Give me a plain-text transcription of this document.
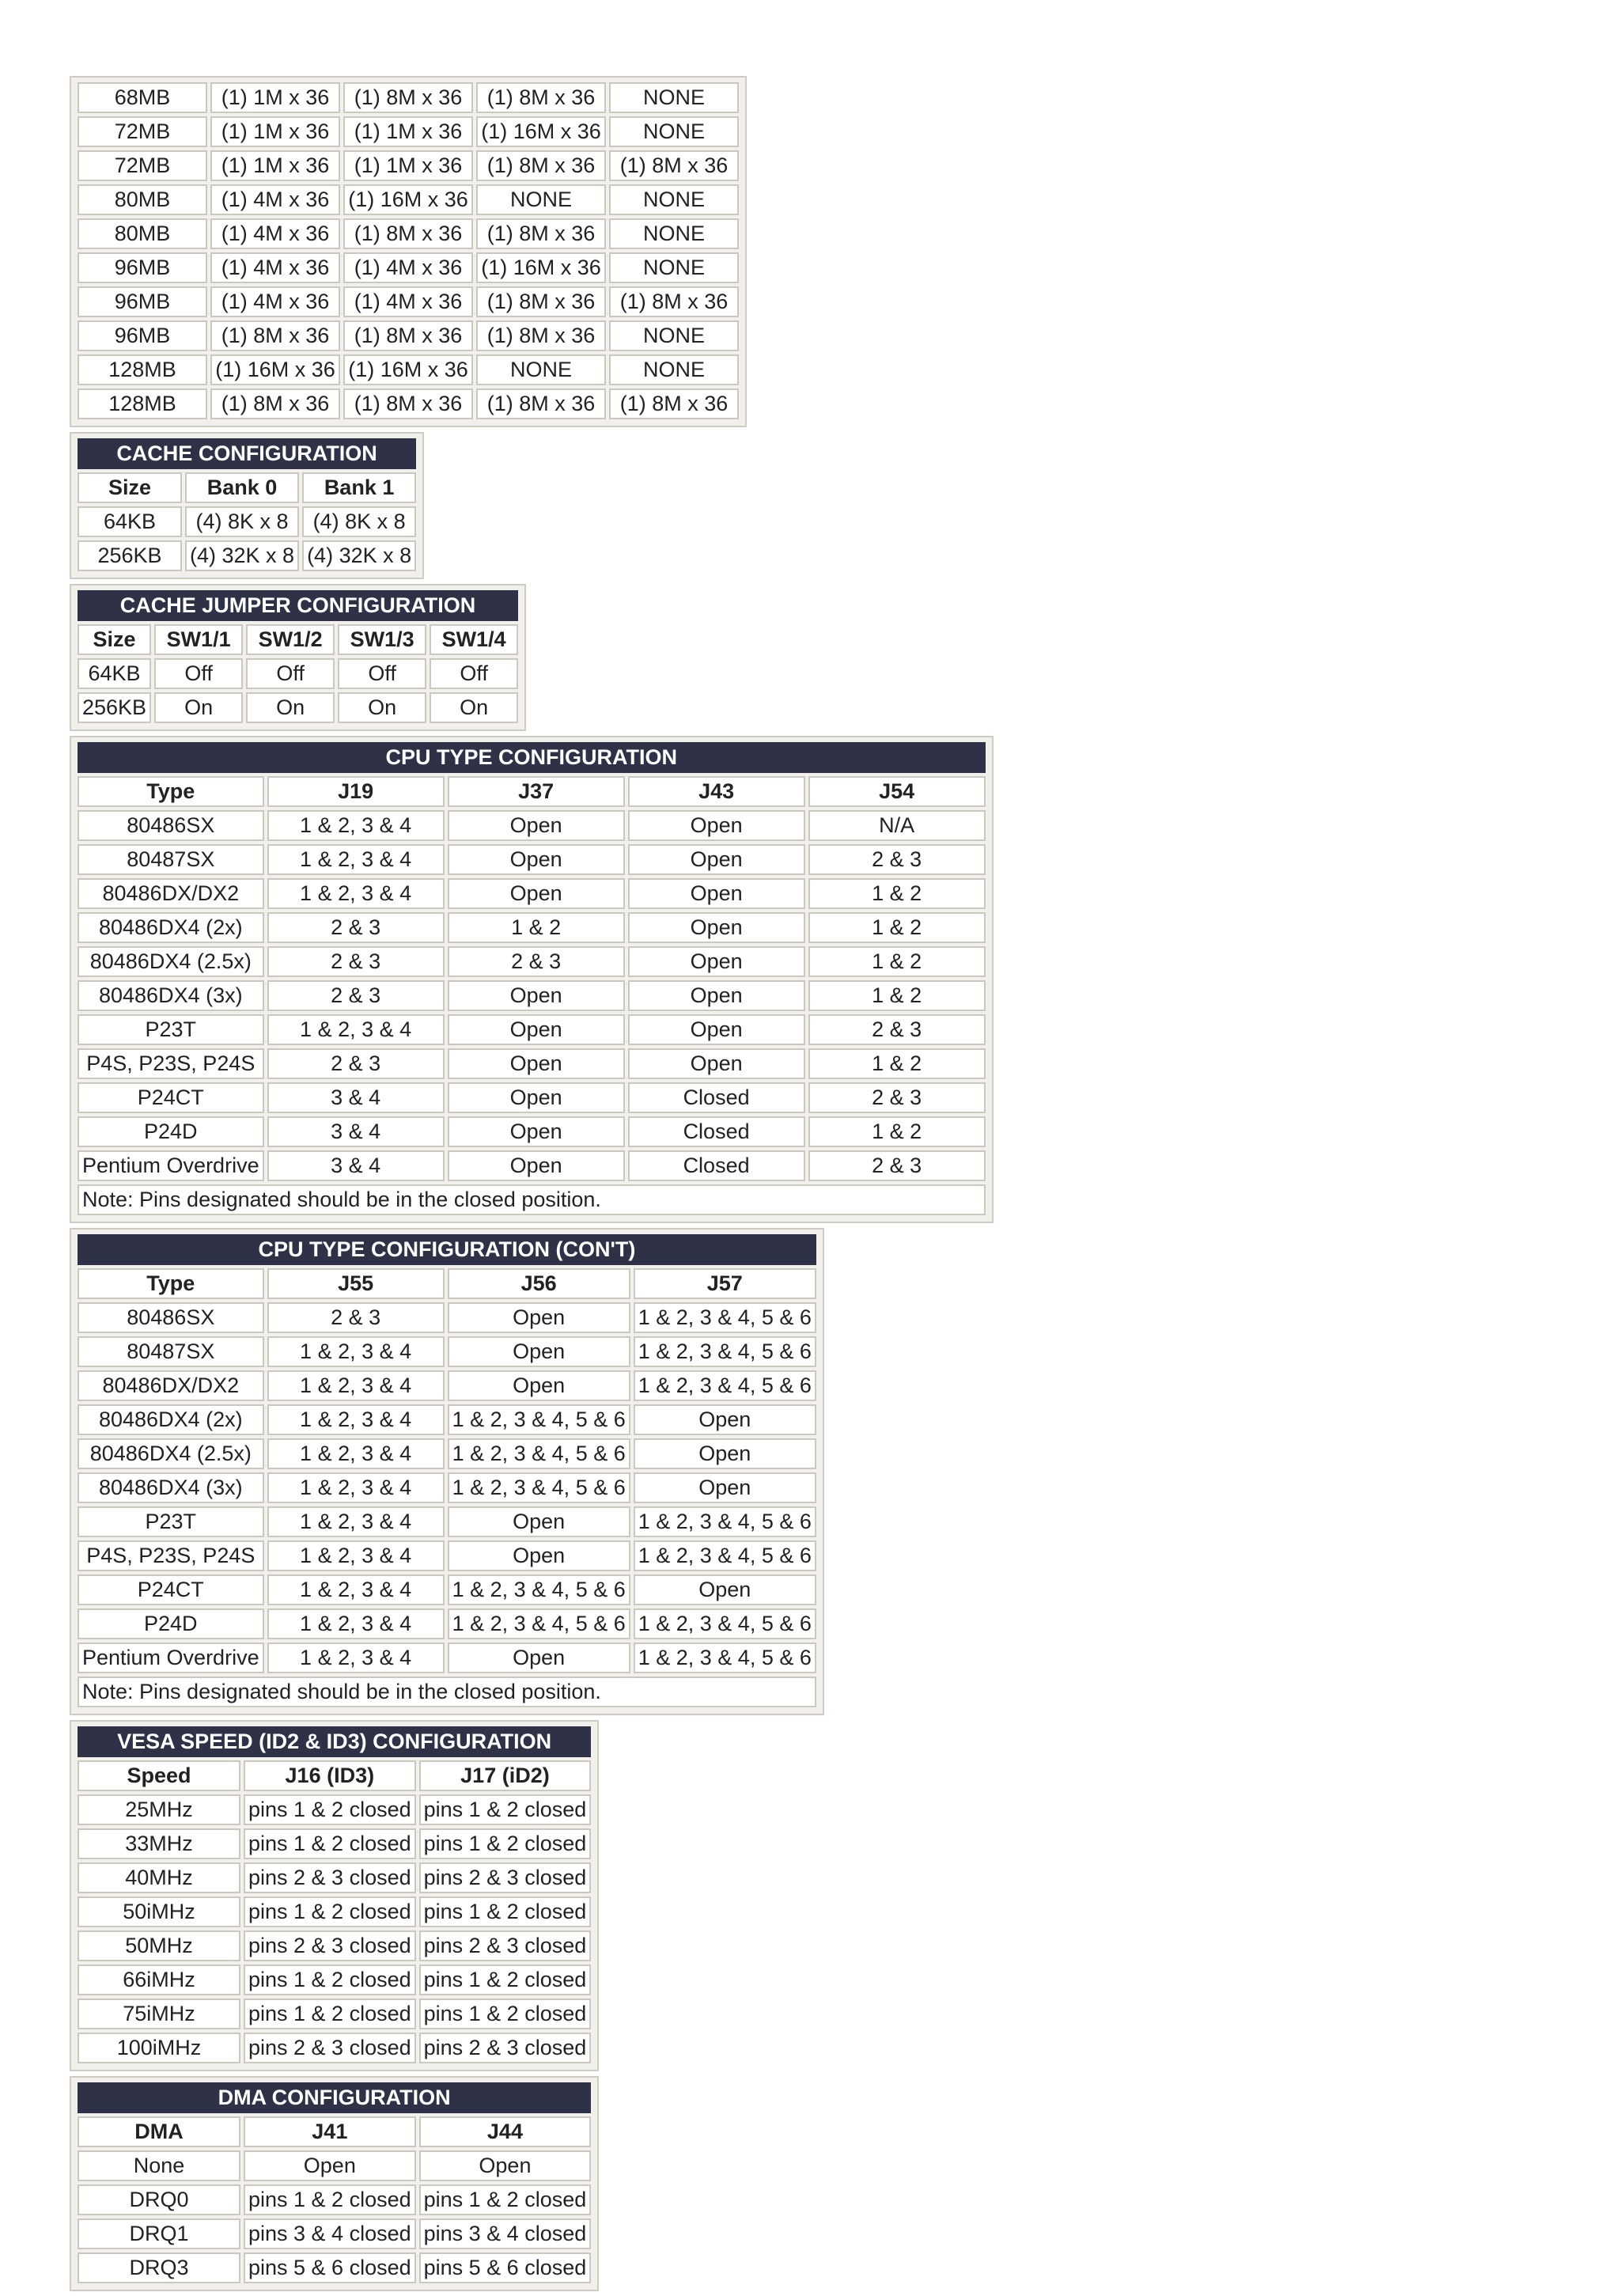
68MB	(1) 1M x 36	(1) 8M x 36	(1) 8M x 36	NONE
72MB	(1) 1M x 36	(1) 1M x 36	(1) 16M x 36	NONE
72MB	(1) 1M x 36	(1) 1M x 36	(1) 8M x 36	(1) 8M x 36
80MB	(1) 4M x 36	(1) 16M x 36	NONE	NONE
80MB	(1) 4M x 36	(1) 8M x 36	(1) 8M x 36	NONE
96MB	(1) 4M x 36	(1) 4M x 36	(1) 16M x 36	NONE
96MB	(1) 4M x 36	(1) 4M x 36	(1) 8M x 36	(1) 8M x 36
96MB	(1) 8M x 36	(1) 8M x 36	(1) 8M x 36	NONE
128MB	(1) 16M x 36	(1) 16M x 36	NONE	NONE
128MB	(1) 8M x 36	(1) 8M x 36	(1) 8M x 36	(1) 8M x 36
CACHE CONFIGURATION		
Size	Bank 0	Bank 1
64KB	(4) 8K x 8	(4) 8K x 8
256KB	(4) 32K x 8	(4) 32K x 8
CACHE JUMPER CONFIGURATION				
Size	SW1/1	SW1/2	SW1/3	SW1/4
64KB	Off	Off	Off	Off
256KB	On	On	On	On
CPU TYPE CONFIGURATION				
Type	J19	J37	J43	J54
80486SX	1 & 2, 3 & 4	Open	Open	N/A
80487SX	1 & 2, 3 & 4	Open	Open	2 & 3
80486DX/DX2	1 & 2, 3 & 4	Open	Open	1 & 2
80486DX4 (2x)	2 & 3	1 & 2	Open	1 & 2
80486DX4 (2.5x)	2 & 3	2 & 3	Open	1 & 2
80486DX4 (3x)	2 & 3	Open	Open	1 & 2
P23T	1 & 2, 3 & 4	Open	Open	2 & 3
P4S, P23S, P24S	2 & 3	Open	Open	1 & 2
P24CT	3 & 4	Open	Closed	2 & 3
P24D	3 & 4	Open	Closed	1 & 2
Pentium Overdrive	3 & 4	Open	Closed	2 & 3
Note: Pins designated should be in the closed position.				
CPU TYPE CONFIGURATION (CON'T)			
Type	J55	J56	J57
80486SX	2 & 3	Open	1 & 2, 3 & 4, 5 & 6
80487SX	1 & 2, 3 & 4	Open	1 & 2, 3 & 4, 5 & 6
80486DX/DX2	1 & 2, 3 & 4	Open	1 & 2, 3 & 4, 5 & 6
80486DX4 (2x)	1 & 2, 3 & 4	1 & 2, 3 & 4, 5 & 6	Open
80486DX4 (2.5x)	1 & 2, 3 & 4	1 & 2, 3 & 4, 5 & 6	Open
80486DX4 (3x)	1 & 2, 3 & 4	1 & 2, 3 & 4, 5 & 6	Open
P23T	1 & 2, 3 & 4	Open	1 & 2, 3 & 4, 5 & 6
P4S, P23S, P24S	1 & 2, 3 & 4	Open	1 & 2, 3 & 4, 5 & 6
P24CT	1 & 2, 3 & 4	1 & 2, 3 & 4, 5 & 6	Open
P24D	1 & 2, 3 & 4	1 & 2, 3 & 4, 5 & 6	1 & 2, 3 & 4, 5 & 6
Pentium Overdrive	1 & 2, 3 & 4	Open	1 & 2, 3 & 4, 5 & 6
Note: Pins designated should be in the closed position.			
VESA SPEED (ID2 & ID3) CONFIGURATION		
Speed	J16 (ID3)	J17 (iD2)
25MHz	pins 1 & 2 closed	pins 1 & 2 closed
33MHz	pins 1 & 2 closed	pins 1 & 2 closed
40MHz	pins 2 & 3 closed	pins 2 & 3 closed
50iMHz	pins 1 & 2 closed	pins 1 & 2 closed
50MHz	pins 2 & 3 closed	pins 2 & 3 closed
66iMHz	pins 1 & 2 closed	pins 1 & 2 closed
75iMHz	pins 1 & 2 closed	pins 1 & 2 closed
100iMHz	pins 2 & 3 closed	pins 2 & 3 closed
DMA CONFIGURATION		
DMA	J41	J44
None	Open	Open
DRQ0	pins 1 & 2 closed	pins 1 & 2 closed
DRQ1	pins 3 & 4 closed	pins 3 & 4 closed
DRQ3	pins 5 & 6 closed	pins 5 & 6 closed
